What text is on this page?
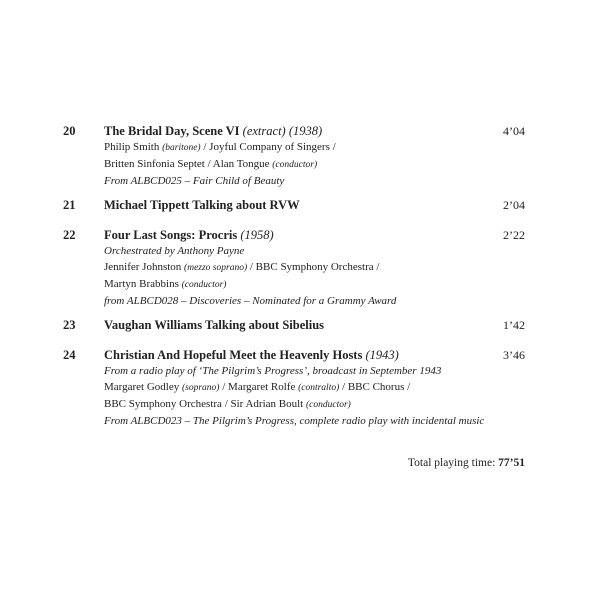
20	The Bridal Day, Scene VI (extract) (1938)	4’04
Philip Smith (baritone) / Joyful Company of Singers /
Britten Sinfonia Septet / Alan Tongue (conductor)
From ALBCD025 – Fair Child of Beauty
21	Michael Tippett Talking about RVW	2’04
22	Four Last Songs: Procris (1958)	2’22
Orchestrated by Anthony Payne
Jennifer Johnston (mezzo soprano) / BBC Symphony Orchestra /
Martyn Brabbins (conductor)
from ALBCD028 – Discoveries – Nominated for a Grammy Award
23	Vaughan Williams Talking about Sibelius	1’42
24	Christian And Hopeful Meet the Heavenly Hosts (1943)	3’46
From a radio play of ‘The Pilgrim’s Progress’, broadcast in September 1943
Margaret Godley (soprano) / Margaret Rolfe (contralto) / BBC Chorus /
BBC Symphony Orchestra / Sir Adrian Boult (conductor)
From ALBCD023 – The Pilgrim’s Progress, complete radio play with incidental music
Total playing time: 77’51
